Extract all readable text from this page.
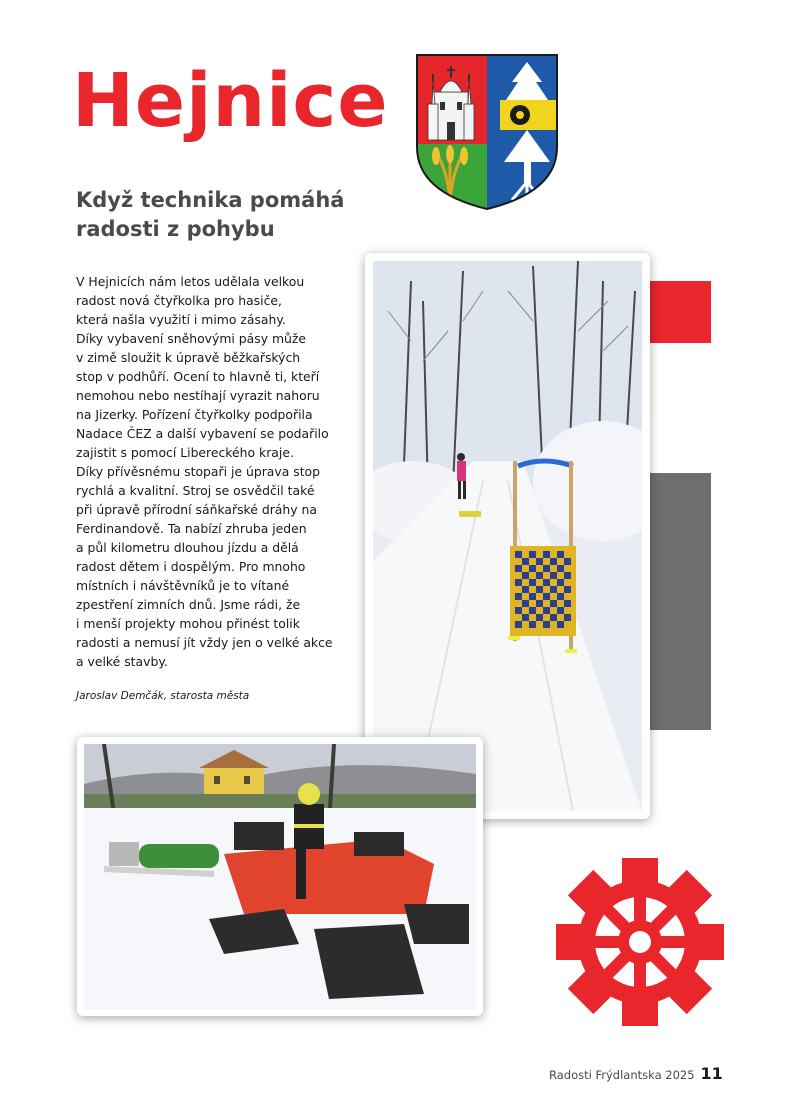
Hejnice
Když technika pomáhá
radosti z pohybu
V Hejnicích nám letos udělala velkou
radost nová čtyřkolka pro hasiče,
která našla využití i mimo zásahy.
Díky vybavení sněhovými pásy může
v zimě sloužit k úpravě běžkařských
stop v podhůří. Ocení to hlavně ti, kteří
nemohou nebo nestíhají vyrazit nahoru
na Jizerky. Pořízení čtyřkolky podpořila
Nadace ČEZ a další vybavení se podařilo
zajistit s pomocí Libereckého kraje.
Díky přívěsnému stopaři je úprava stop
rychlá a kvalitní. Stroj se osvědčil také
při úpravě přírodní sáňkařské dráhy na
Ferdinandově. Ta nabízí zhruba jeden
a půl kilometru dlouhou jízdu a dělá
radost dětem i dospělým. Pro mnoho
místních i návštěvníků je to vítané
zpestření zimních dnů. Jsme rádi, že
i menší projekty mohou přinést tolik
radosti a nemusí jít vždy jen o velké akce
a velké stavby.
Jaroslav Demčák, starosta města
Radosti Frýdlantska 2025 11
